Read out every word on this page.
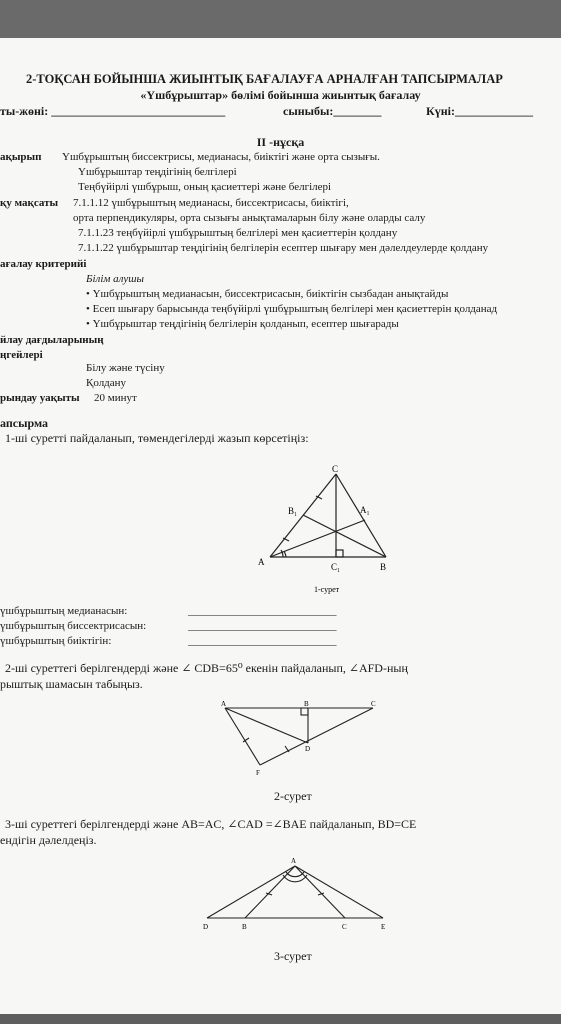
2-ТОҚСАН БОЙЫНША ЖИЫНТЫҚ БАҒАЛАУҒА АРНАЛҒАН ТАПСЫРМАЛАР
«Үшбұрыштар» бөлімі бойынша жиынтық бағалау
ты-жөні: _____________________________	сыныбы:________	Күні:_____________
ІІ -нұсқа
ақырып Үшбұрыштың биссектрисы, медианасы, биіктігі және орта сызығы.
Үшбұрыштар теңдігінің белгілері
Теңбүйірлі үшбұрыш, оның қасиеттері және белгілері
қу мақсаты 7.1.1.12 үшбұрыштың медианасы, биссектрисасы, биіктігі,
орта перпендикуляры, орта сызығы анықтамаларын білу және оларды салу
7.1.1.23 теңбүйірлі үшбұрыштың белгілері мен қасиеттерін қолдану
7.1.1.22 үшбұрыштар теңдігінің белгілерін есептер шығару мен дәлелдеулерде қолдану
ағалау критерийі
Білім алушы
• Үшбұрыштың медианасын, биссектрисасын, биіктігін сызбадан анықтайды
• Есеп шығару барысында теңбүйірлі үшбұрыштың белгілері мен қасиеттерін қолданад
• Үшбұрыштар теңдігінің белгілерін қолданып, есептер шығарады
йлау дағдыларының
ңгейлері
Білу және түсіну
Қолдану
рындау уақыты 20 минут
апсырма
1-ші суретті пайдаланып, төмендегілерді жазып көрсетіңіз:
C
B₁	A₁
A	C₁	B
1-сурет
үшбұрыштың медианасын:	___________________________
үшбұрыштың биссектрисасын:	___________________________
үшбұрыштың биіктігін:	___________________________
2-ші суреттегі берілгендерді және ∠ CDB=65⁰ екенін пайдаланып, ∠AFD-ның
рыштық шамасын табыңыз.
A	B	C
D
F
2-сурет
3-ші суреттегі берілгендерді және AB=AC, ∠CAD =∠BAE пайдаланып, BD=CE
ендігін дәлелдеңіз.
A
D	B	C	E
3-сурет
